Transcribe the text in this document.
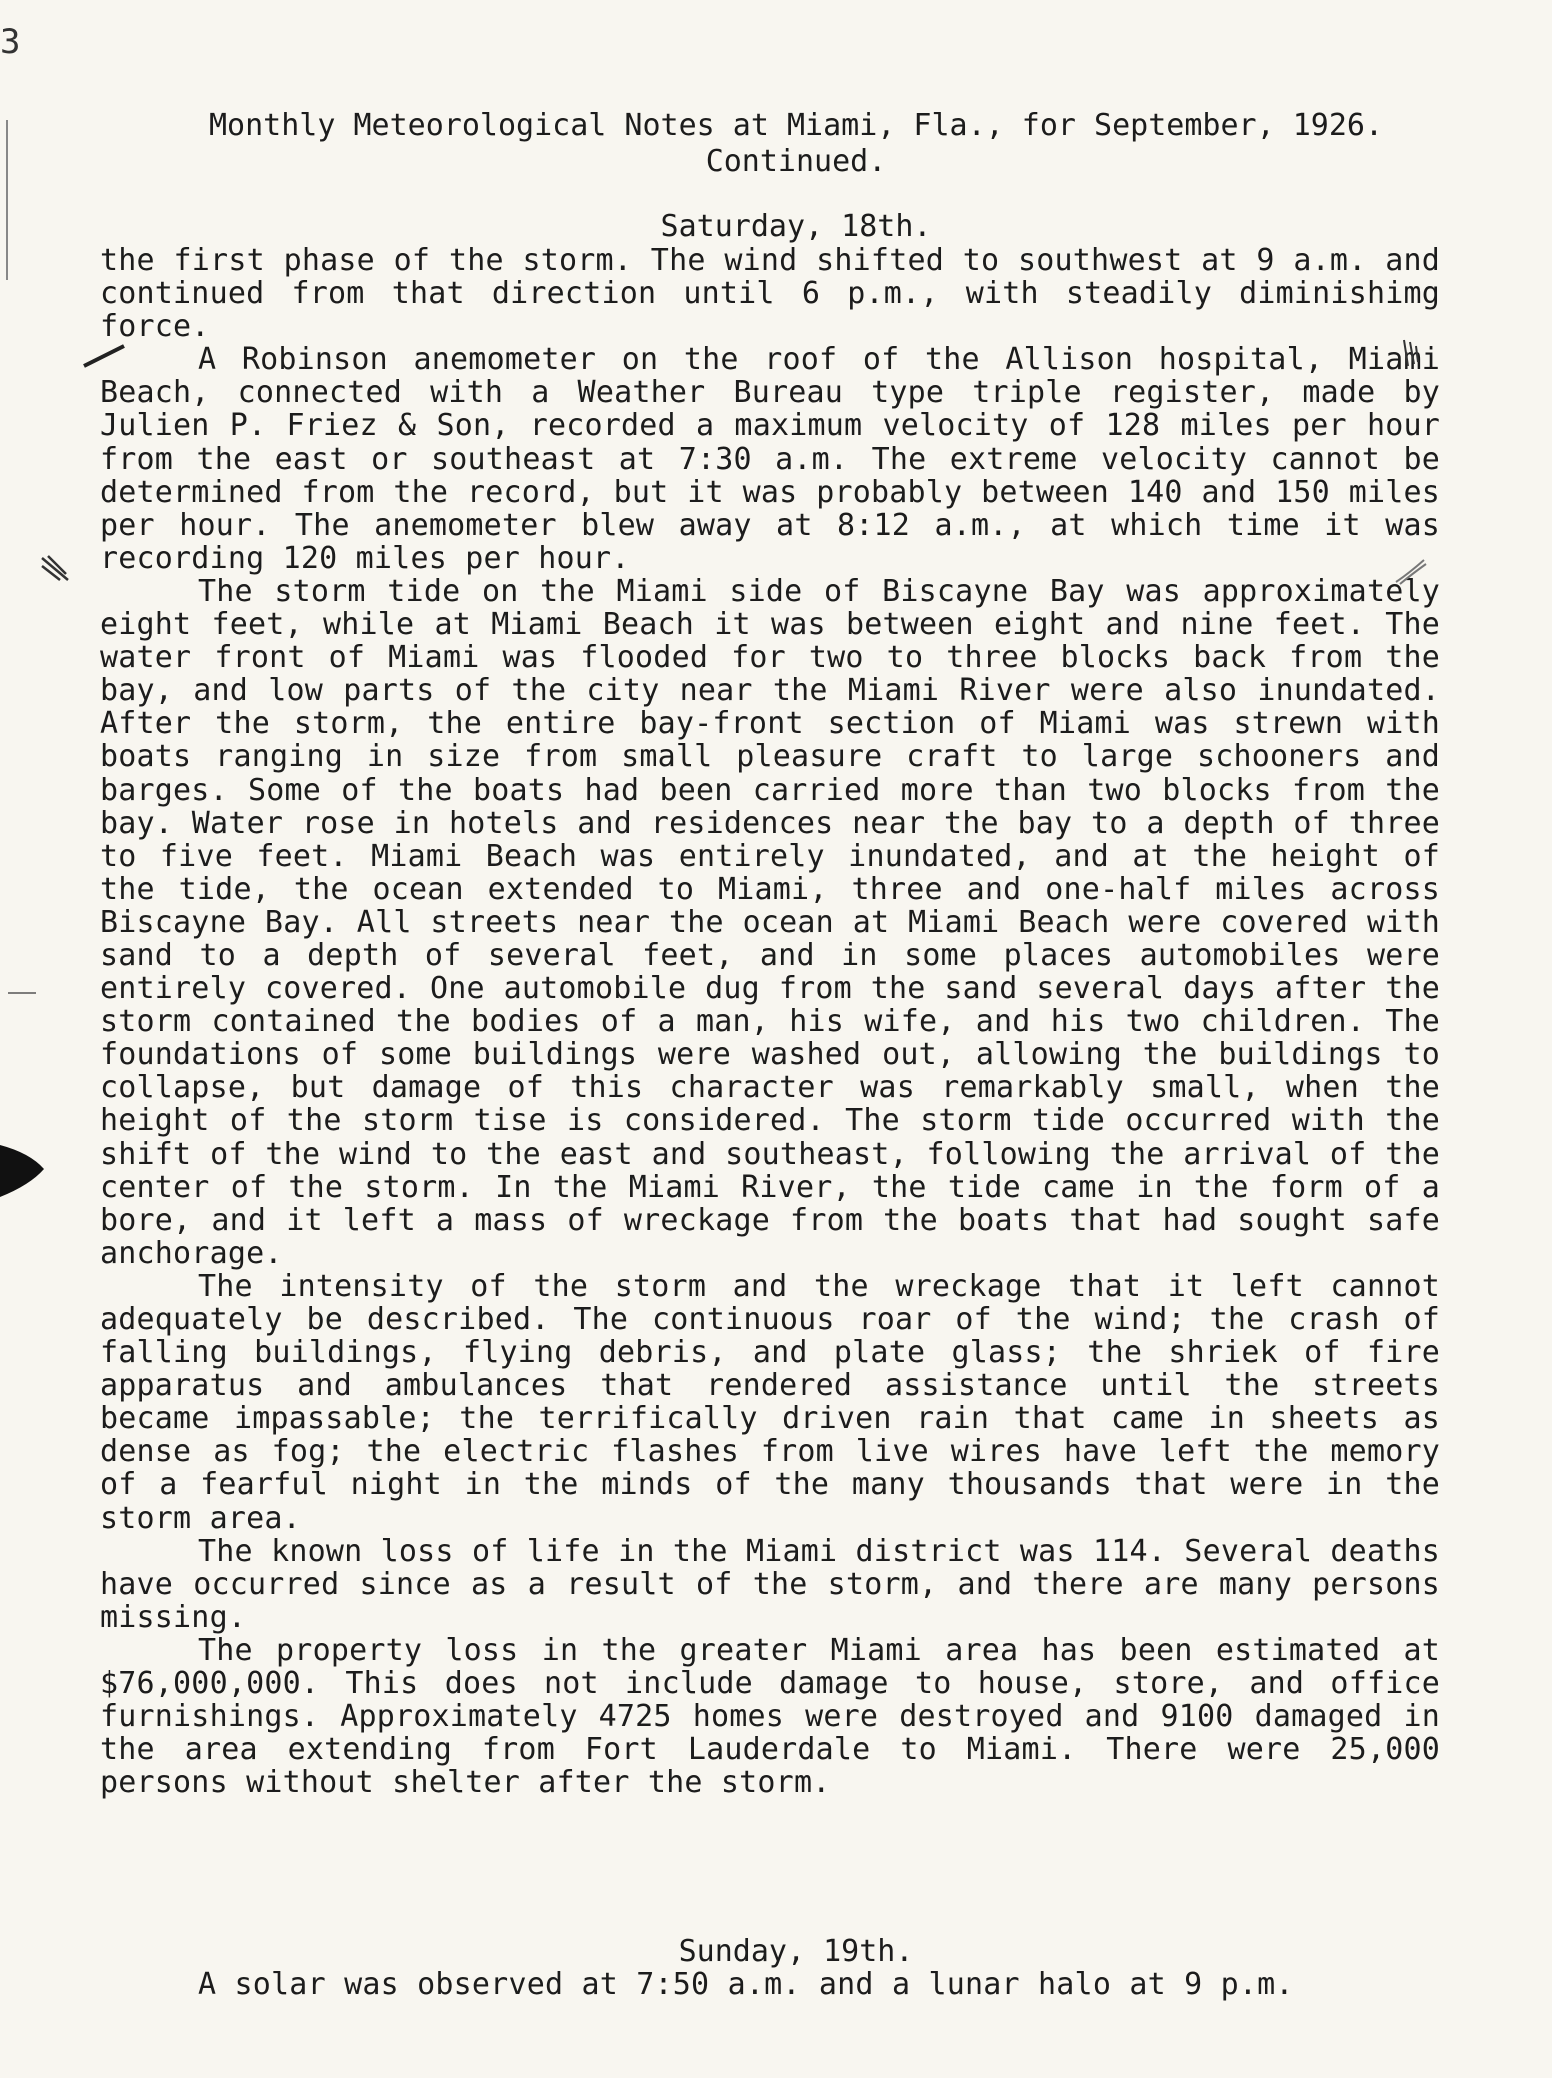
3
Monthly Meteorological Notes at Miami, Fla., for September, 1926.
Continued.
Saturday, 18th.

the first phase of the storm. The wind shifted to southwest at 9 a.m. and continued from that direction until 6 p.m., with steadily diminishimg force.

A Robinson anemometer on the roof of the Allison hospital, Miami Beach, connected with a Weather Bureau type triple register, made by Julien P. Friez & Son, recorded a maximum velocity of 128 miles per hour from the east or southeast at 7:30 a.m. The extreme velocity cannot be determined from the record, but it was probably between 140 and 150 miles per hour. The anemometer blew away at 8:12 a.m., at which time it was recording 120 miles per hour.

The storm tide on the Miami side of Biscayne Bay was approximately eight feet, while at Miami Beach it was between eight and nine feet. The water front of Miami was flooded for two to three blocks back from the bay, and low parts of the city near the Miami River were also inundated. After the storm, the entire bay-front section of Miami was strewn with boats ranging in size from small pleasure craft to large schooners and barges. Some of the boats had been carried more than two blocks from the bay. Water rose in hotels and residences near the bay to a depth of three to five feet. Miami Beach was entirely inundated, and at the height of the tide, the ocean extended to Miami, three and one-half miles across Biscayne Bay. All streets near the ocean at Miami Beach were covered with sand to a depth of several feet, and in some places automobiles were entirely covered. One automobile dug from the sand several days after the storm contained the bodies of a man, his wife, and his two children. The foundations of some buildings were washed out, allowing the buildings to collapse, but damage of this character was remarkably small, when the height of the storm tise is considered. The storm tide occurred with the shift of the wind to the east and southeast, following the arrival of the center of the storm. In the Miami River, the tide came in the form of a bore, and it left a mass of wreckage from the boats that had sought safe anchorage.

The intensity of the storm and the wreckage that it left cannot adequately be described. The continuous roar of the wind; the crash of falling buildings, flying debris, and plate glass; the shriek of fire apparatus and ambulances that rendered assistance until the streets became impassable; the terrifically driven rain that came in sheets as dense as fog; the electric flashes from live wires have left the memory of a fearful night in the minds of the many thousands that were in the storm area.

The known loss of life in the Miami district was 114. Several deaths have occurred since as a result of the storm, and there are many persons missing.

The property loss in the greater Miami area has been estimated at $76,000,000. This does not include damage to house, store, and office furnishings. Approximately 4725 homes were destroyed and 9100 damaged in the area extending from Fort Lauderdale to Miami. There were 25,000 persons without shelter after the storm.

Sunday, 19th.

A solar was observed at 7:50 a.m. and a lunar halo at 9 p.m.
